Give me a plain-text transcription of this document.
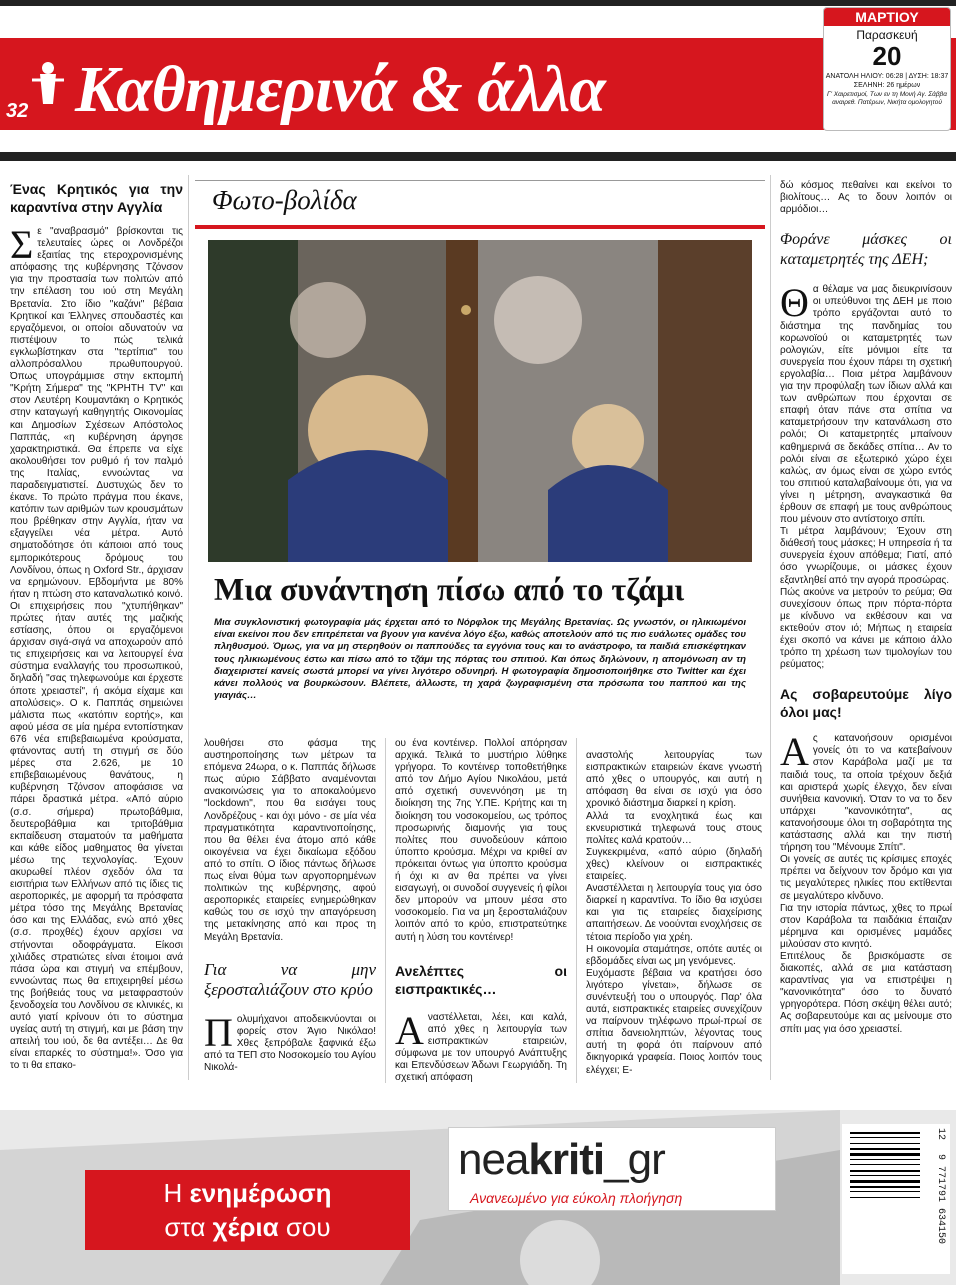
32 Καθημερινά & άλλα
ΜΑΡΤΙΟΥ
Παρασκευή
20
ΑΝΑΤΟΛΗ ΗΛΙΟΥ: 06:28 | ΔΥΣΗ: 18:37
ΣΕΛΗΝΗ: 26 ημέρων
Γ' Χαιρετισμοί, Των εν τη Μονή Αγ. Σάββα αναιρεθ. Πατέρων, Νικήτα ομολογητού
Ένας Κρητικός για την καραντίνα στην Αγγλία
Σ ε "αναβρασμό" βρίσκονται τις τελευταίες ώρες οι Λονδρέζοι εξαιτίας της ετεροχρονισμένης απόφασης της κυβέρνησης Τζόνσον για την προστασία των πολιτών από την επέλαση του ιού στη Μεγάλη Βρετανία. Στο ίδιο "καζάνι" βέβαια Κρητικοί και Έλληνες σπουδαστές και εργαζόμενοι, οι οποίοι αδυνατούν να πιστέψουν το πώς τελικά εγκλωβίστηκαν στα "τερτίπια" του αλλοπρόσαλλου πρωθυπουργού. Όπως υπογράμμισε στην εκπομπή "Κρήτη Σήμερα" της "ΚΡΗΤΗ TV" και στον Λευτέρη Κουμαντάκη ο Κρητικός στην καταγωγή καθηγητής Οικονομίας και Δημοσίων Σχέσεων Απόστολος Παππάς, «η κυβέρνηση άργησε χαρακτηριστικά. Θα έπρεπε να είχε ακολουθήσει τον ρυθμό ή τον παλμό της Ιταλίας, εννοώντας να παραδειγματιστεί. Δυστυχώς δεν το έκανε. Το πρώτο πράγμα που έκανε, κατόπιν των αριθμών των κρουσμάτων που βρέθηκαν στην Αγγλία, ήταν να εξαγγείλει νέα μέτρα. Αυτό σηματοδότησε ότι κάποιοι από τους εμπορικότερους δρόμους του Λονδίνου, όπως η Oxford Str., άρχισαν να ερημώνουν. Εβδομήντα με 80% ήταν η πτώση στο καταναλωτικό κοινό. Οι επιχειρήσεις που "χτυπήθηκαν" πρώτες ήταν αυτές της μαζικής εστίασης, όπου οι εργαζόμενοι άρχισαν σιγά-σιγά να αποχωρούν από τις επιχειρήσεις και να λειτουργεί ένα σύστημα εναλλαγής του προσωπικού, δηλαδή "σας τηλεφωνούμε και έρχεστε όποτε χρειαστεί", ή ακόμα είχαμε και απολύσεις». Ο κ. Παππάς σημειώνει μάλιστα πως «κατόπιν εορτής», και αφού μέσα σε μία ημέρα εντοπίστηκαν 676 νέα επιβεβαιωμένα κρούσματα, φτάνοντας αυτή τη στιγμή σε δύο μέρες στα 2.626, με 10 επιβεβαιωμένους θανάτους, η κυβέρνηση Τζόνσον αποφάσισε να πάρει δραστικά μέτρα. «Από αύριο (σ.σ. σήμερα) πρωτοβάθμια, δευτεροβάθμια και τριτοβάθμια εκπαίδευση σταματούν τα μαθήματα και κάθε είδος μαθηματος θα γίνεται μέσω της τεχνολογίας. Έχουν ακυρωθεί πλέον σχεδόν όλα τα εισιτήρια των Ελλήνων από τις ίδιες τις αεροπορικές, με αφορμή τα πρόσφατα μέτρα τόσο της Μεγάλης Βρετανίας όσο και της Ελλάδας, ενώ από χθες (σ.σ. προχθές) έχουν αρχίσει να στήνονται οδοφράγματα. Είκοσι χιλιάδες στρατιώτες είναι έτοιμοι ανά πάσα ώρα και στιγμή να επέμβουν, εννοώντας πως θα επιχειρηθεί μέσω της βοήθειάς τους να μεταφραστούν ξενοδοχεία του Λονδίνου σε κλινικές, κι αυτό γιατί κρίνουν ότι το σύστημα υγείας αυτή τη στιγμή, και με βάση την απειλή του ιού, δε θα αντέξει… Δε θα είναι επαρκές το σύστημα!». Όσο για το τι θα επακο-
Φωτο-βολίδα
Μια συνάντηση πίσω από το τζάμι
Μια συγκλονιστική φωτογραφία μάς έρχεται από το Νόρφλοκ της Μεγάλης Βρετανίας. Ως γνωστόν, οι ηλικιωμένοι είναι εκείνοι που δεν επιτρέπεται να βγουν για κανένα λόγο έξω, καθώς αποτελούν από τις πιο ευάλωτες ομάδες του πληθυσμού. Όμως, για να μη στερηθούν οι παππούδες τα εγγόνια τους και το ανάστροφο, τα παιδιά επισκέφτηκαν τους ηλικιωμένους έστω και πίσω από το τζάμι της πόρτας του σπιτιού. Και όπως δηλώνουν, η απομόνωση αν τη διαχειριστεί κανείς σωστά μπορεί να γίνει λιγότερο οδυνηρή. Η φωτογραφία δημοσιοποιήθηκε στο Twitter και έχει κάνει πολλούς να βουρκώσουν. Βλέπετε, άλλωστε, τη χαρά ζωγραφισμένη στα πρόσωπα του παππού και της γιαγιάς…
λουθήσει στο φάσμα της αυστηροποίησης των μέτρων τα επόμενα 24ωρα, ο κ. Παππάς δήλωσε πως αύριο Σάββατο αναμένονται ανακοινώσεις για το αποκαλούμενο "lockdown", που θα εισάγει τους Λονδρέζους - και όχι μόνο - σε μία νέα πραγματικότητα καραντινοποίησης, που θα θέλει ένα άτομο από κάθε οικογένεια να έχει δικαίωμα εξόδου από το σπίτι. Ο ίδιος πάντως δήλωσε πως είναι θύμα των αργοπορημένων πολιτικών της κυβέρνησης, αφού αεροπορικές εταιρείες ενημερώθηκαν καθώς του σε ισχύ την απαγόρευση της μετακίνησης από και προς τη Μεγάλη Βρετανία.
Για να μην ξεροσταλιάζουν στο κρύο
Π ολυμήχανοι αποδεικνύονται οι φορείς στον Άγιο Νικόλαο! Χθες ξεπρόβαλε ξαφνικά έξω από τα ΤΕΠ στο Νοσοκομείο του Αγίου Νικολά-
ου ένα κοντέινερ. Πολλοί απόρησαν αρχικά. Τελικά το μυστήριο λύθηκε γρήγορα. Το κοντέινερ τοποθετήθηκε από τον Δήμο Αγίου Νικολάου, μετά από σχετική συνεννόηση με τη διοίκηση της 7ης Υ.ΠΕ. Κρήτης και τη διοίκηση του νοσοκομείου, ως τρόπος προσωρινής διαμονής για τους πολίτες που συνοδεύουν κάποιο ύποπτο κρούσμα. Μέχρι να κριθεί αν πρόκειται όντως για ύποπτο κρούσμα ή όχι κι αν θα πρέπει να γίνει εισαγωγή, οι συνοδοί συγγενείς ή φίλοι δεν μπορούν να μπουν μέσα στο νοσοκομείο. Για να μη ξεροσταλιάζουν λοιπόν από το κρύο, επιστρατεύτηκε αυτή η λύση του κοντέινερ!
Ανελέπτες οι εισπρακτικές…
Α ναστέλλεται, λέει, και καλά, από χθες η λειτουργία των εισπρακτικών εταιρειών, σύμφωνα με τον υπουργό Ανάπτυξης και Επενδύσεων Άδωνι Γεωργιάδη. Τη σχετική απόφαση

αναστολής λειτουργίας των εισπρακτικών εταιρειών έκανε γνωστή από χθες ο υπουργός, και αυτή η απόφαση θα είναι σε ισχύ για όσο χρονικό διάστημα διαρκεί η κρίση.
Αλλά τα ενοχλητικά έως και εκνευριστικά τηλεφωνά τους στους πολίτες καλά κρατούν…
Συγκεκριμένα, «από αύριο (δηλαδή χθες) κλείνουν οι εισπρακτικές εταιρείες.
Αναστέλλεται η λειτουργία τους για όσο διαρκεί η καραντίνα. Το ίδιο θα ισχύσει και για τις εταιρείες διαχείρισης απαιτήσεων. Δε νοούνται ενοχλήσεις σε τέτοια περίοδο για χρέη.
Η οικονομία σταμάτησε, οπότε αυτές οι εβδομάδες είναι ως μη γενόμενες.
Ευχόμαστε βέβαια να κρατήσει όσο λιγότερο γίνεται», δήλωσε σε συνέντευξή του ο υπουργός. Παρ' όλα αυτά, εισπρακτικές εταιρείες συνεχίζουν να παίρνουν τηλέφωνο πρωί-πρωί σε σπίτια δανειοληπτών, λέγοντας τους αυτή τη φορά ότι παίρνουν από δικηγορικά γραφεία. Ποιος λοιπόν τους ελέγχει; Ε-

δώ κόσμος πεθαίνει και εκείνοι το βιολίτους… Ας το δουν λοιπόν οι αρμόδιοι…
Φοράνε μάσκες οι καταμετρητές της ΔΕΗ;
Θ α θέλαμε να μας διευκρινίσουν οι υπεύθυνοι της ΔΕΗ με ποιο τρόπο εργάζονται αυτό το διάστημα της πανδημίας του κορωνοϊού οι καταμετρητές των ρολογιών, είτε μόνιμοι είτε τα συνεργεία που έχουν πάρει τη σχετική εργολαβία… Ποια μέτρα λαμβάνουν για την προφύλαξη των ίδιων αλλά και των ανθρώπων που έρχονται σε επαφή όταν πάνε στα σπίτια να καταμετρήσουν την κατανάλωση στο ρολόι; Οι καταμετρητές μπαίνουν καθημερινά σε δεκάδες σπίτια… Αν το ρολόι είναι σε εξωτερικό χώρο έχει καλώς, αν όμως είναι σε χώρο εντός του σπιτιού καταλαβαίνουμε ότι, για να γίνει η μέτρηση, αναγκαστικά θα έρθουν σε επαφή με τους ανθρώπους που μένουν στο αντίστοιχο σπίτι.
Τι μέτρα λαμβάνουν; Έχουν στη διάθεσή τους μάσκες; Η υπηρεσία ή τα συνεργεία έχουν απόθεμα; Γιατί, από όσο γνωρίζουμε, οι μάσκες έχουν εξαντληθεί από την αγορά προσώρας.
Πώς ακούνε να μετρούν το ρεύμα; Θα συνεχίσουν όπως πριν πόρτα-πόρτα με κίνδυνο να εκθέσουν και να εκτεθούν στον ιό; Μήπως η εταιρεία έχει σκοπό να κάνει με κάποιο άλλο τρόπο τη χρέωση των τιμολογίων του ρεύματος;
Ας σοβαρευτούμε λίγο όλοι μας!
Α ς κατανοήσουν ορισμένοι γονείς ότι το να κατεβαίνουν στον Καράβολα μαζί με τα παιδιά τους, τα οποία τρέχουν δεξιά και αριστερά χωρίς έλεγχο, δεν είναι συνήθεια κανονική. Όταν το να το δεν υπάρχει "κανονικότητα", ας κατανοήσουμε όλοι τη σοβαρότητα της κατάστασης αλλά και την πιστή τήρηση του "Μένουμε Σπίτι".
Οι γονείς σε αυτές τις κρίσιμες εποχές πρέπει να δείχνουν τον δρόμο και για τις μεγαλύτερες ηλικίες που εκτίθενται σε μεγαλύτερο κίνδυνο.
Για την ιστορία πάντως, χθες το πρωί στον Καράβολα τα παιδάκια έπαιζαν μέρημνα και ορισμένες μαμάδες μιλούσαν στο κινητό.
Επιτέλους δε βρισκόμαστε σε διακοπές, αλλά σε μια κατάσταση καραντίνας για να επιστρέψει η "κανονικότητα" όσο το δυνατό γρηγορότερα. Πόση σκέψη θέλει αυτό; Ας σοβαρευτούμε και ας μείνουμε στο σπίτι μας για όσο χρειαστεί.
Η ενημέρωση
στα χέρια σου
neakriti_gr
Ανανεωμένο για εύκολη πλοήγηση
12 9 771791 634150
